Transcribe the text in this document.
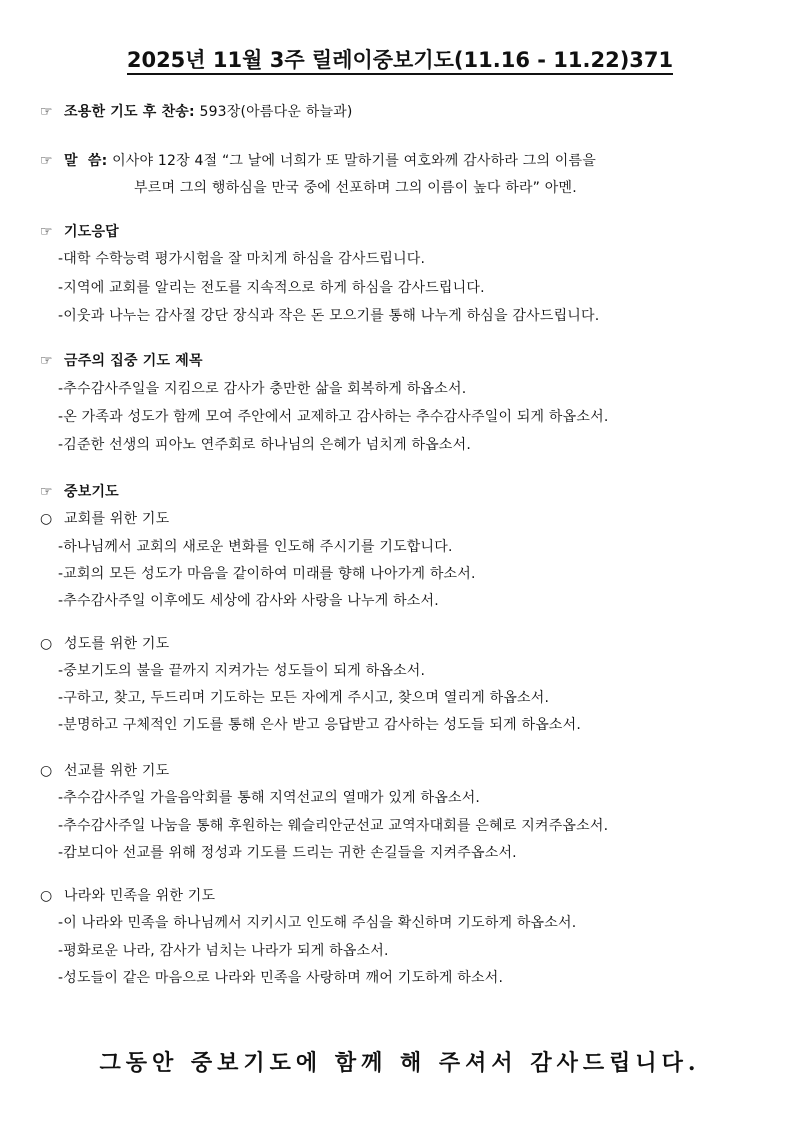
2025년 11월 3주 릴레이중보기도(11.16 - 11.22)371
☞ 조용한 기도 후 찬송: 593장(아름다운 하늘과)
☞ 말  씀: 이사야 12장 4절 “그 날에 너희가 또 말하기를 여호와께 감사하라 그의 이름을
부르며 그의 행하심을 만국 중에 선포하며 그의 이름이 높다 하라” 아멘.
☞ 기도응답
-대학 수학능력 평가시험을 잘 마치게 하심을 감사드립니다.
-지역에 교회를 알리는 전도를 지속적으로 하게 하심을 감사드립니다.
-이웃과 나누는 감사절 강단 장식과 작은 돈 모으기를 통해 나누게 하심을 감사드립니다.
☞ 금주의 집중 기도 제목
-추수감사주일을 지킴으로 감사가 충만한 삶을 회복하게 하옵소서.
-온 가족과 성도가 함께 모여 주안에서 교제하고 감사하는 추수감사주일이 되게 하옵소서.
-김준한 선생의 피아노 연주회로 하나님의 은혜가 넘치게 하옵소서.
☞ 중보기도
○ 교회를 위한 기도
-하나님께서 교회의 새로운 변화를 인도해 주시기를 기도합니다.
-교회의 모든 성도가 마음을 같이하여 미래를 향해 나아가게 하소서.
-추수감사주일 이후에도 세상에 감사와 사랑을 나누게 하소서.
○ 성도를 위한 기도
-중보기도의 불을 끝까지 지켜가는 성도들이 되게 하옵소서.
-구하고, 찾고, 두드리며 기도하는 모든 자에게 주시고, 찾으며 열리게 하옵소서.
-분명하고 구체적인 기도를 통해 은사 받고 응답받고 감사하는 성도들 되게 하옵소서.
○ 선교를 위한 기도
-추수감사주일 가을음악회를 통해 지역선교의 열매가 있게 하옵소서.
-추수감사주일 나눔을 통해 후원하는 웨슬리안군선교 교역자대회를 은혜로 지켜주옵소서.
-캄보디아 선교를 위해 정성과 기도를 드리는 귀한 손길들을 지켜주옵소서.
○ 나라와 민족을 위한 기도
-이 나라와 민족을 하나님께서 지키시고 인도해 주심을 확신하며 기도하게 하옵소서.
-평화로운 나라, 감사가 넘치는 나라가 되게 하옵소서.
-성도들이 같은 마음으로 나라와 민족을 사랑하며 깨어 기도하게 하소서.
그동안 중보기도에 함께 해 주셔서 감사드립니다.
